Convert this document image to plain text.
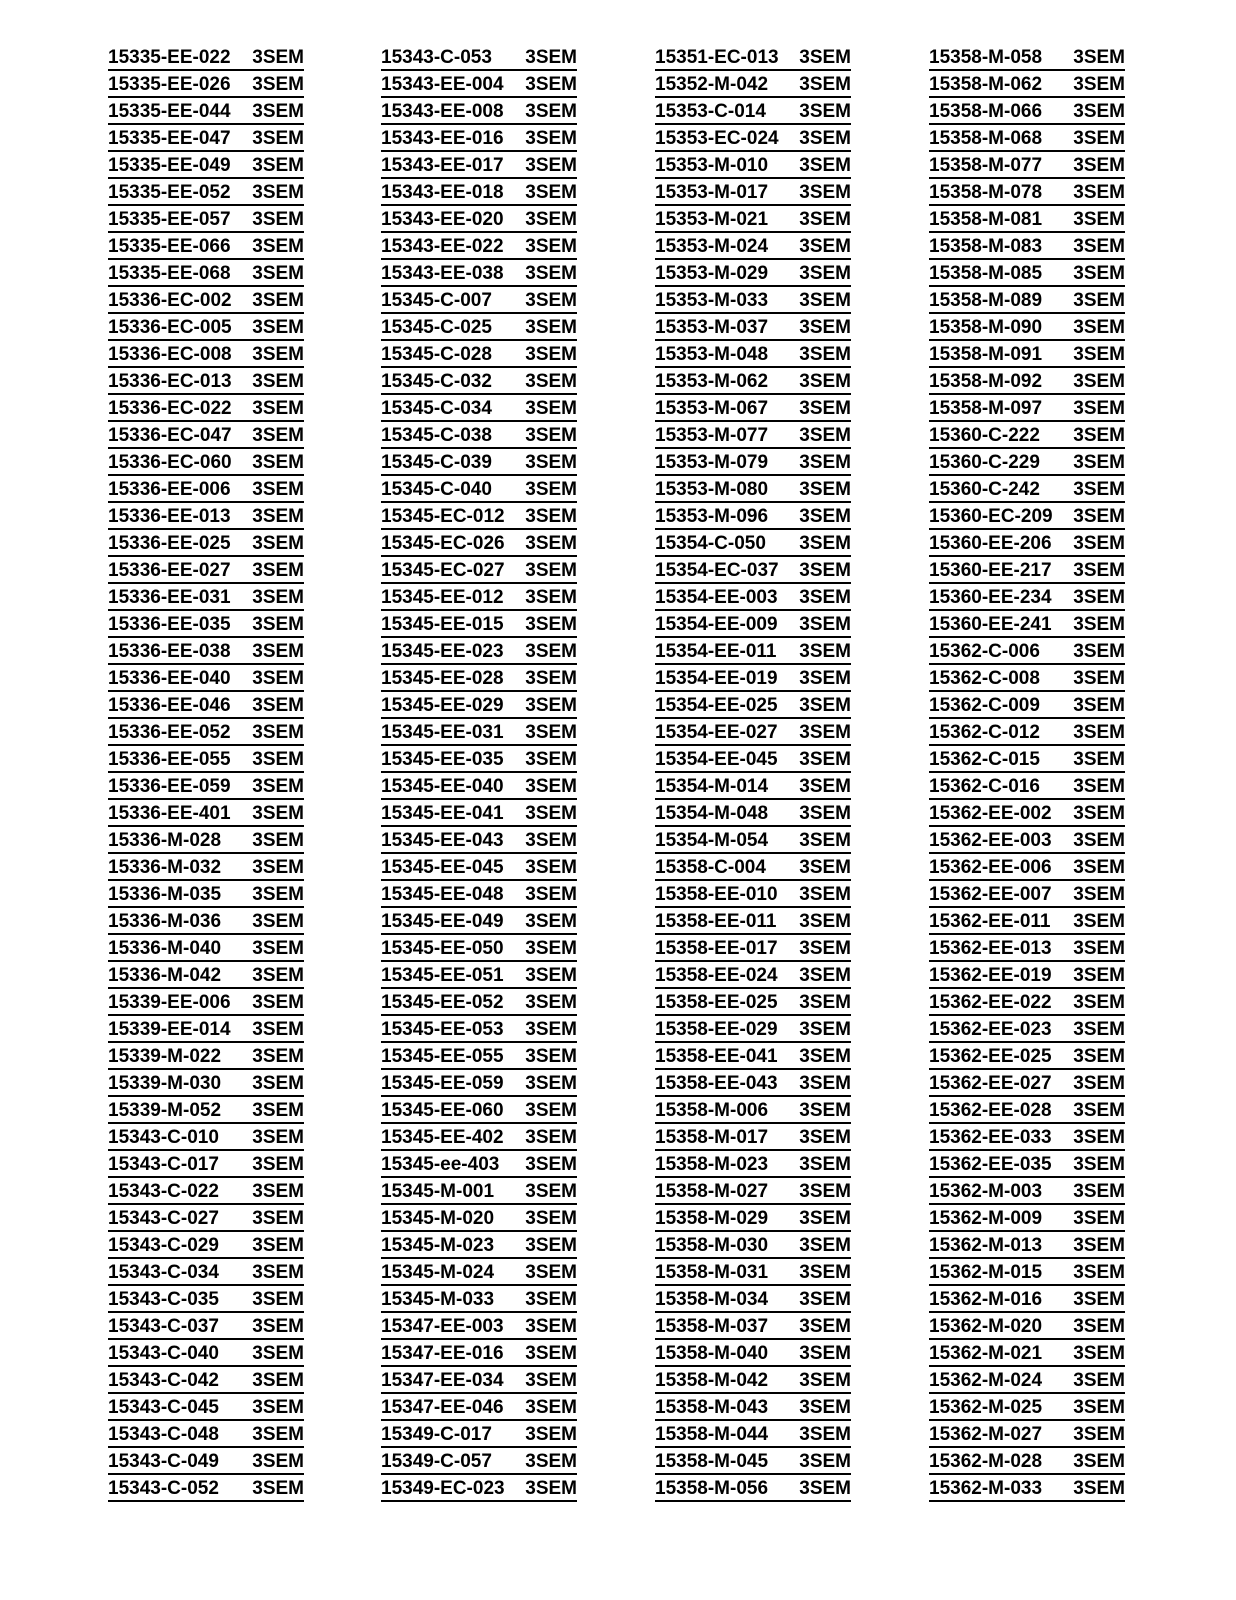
15335-EE-022 3SEM
15335-EE-026 3SEM
15335-EE-044 3SEM
15335-EE-047 3SEM
15335-EE-049 3SEM
15335-EE-052 3SEM
15335-EE-057 3SEM
15335-EE-066 3SEM
15335-EE-068 3SEM
15336-EC-002 3SEM
15336-EC-005 3SEM
15336-EC-008 3SEM
15336-EC-013 3SEM
15336-EC-022 3SEM
15336-EC-047 3SEM
15336-EC-060 3SEM
15336-EE-006 3SEM
15336-EE-013 3SEM
15336-EE-025 3SEM
15336-EE-027 3SEM
15336-EE-031 3SEM
15336-EE-035 3SEM
15336-EE-038 3SEM
15336-EE-040 3SEM
15336-EE-046 3SEM
15336-EE-052 3SEM
15336-EE-055 3SEM
15336-EE-059 3SEM
15336-EE-401 3SEM
15336-M-028 3SEM
15336-M-032 3SEM
15336-M-035 3SEM
15336-M-036 3SEM
15336-M-040 3SEM
15336-M-042 3SEM
15339-EE-006 3SEM
15339-EE-014 3SEM
15339-M-022 3SEM
15339-M-030 3SEM
15339-M-052 3SEM
15343-C-010 3SEM
15343-C-017 3SEM
15343-C-022 3SEM
15343-C-027 3SEM
15343-C-029 3SEM
15343-C-034 3SEM
15343-C-035 3SEM
15343-C-037 3SEM
15343-C-040 3SEM
15343-C-042 3SEM
15343-C-045 3SEM
15343-C-048 3SEM
15343-C-049 3SEM
15343-C-052 3SEM
15343-C-053 3SEM
15343-EE-004 3SEM
15343-EE-008 3SEM
15343-EE-016 3SEM
15343-EE-017 3SEM
15343-EE-018 3SEM
15343-EE-020 3SEM
15343-EE-022 3SEM
15343-EE-038 3SEM
15345-C-007 3SEM
15345-C-025 3SEM
15345-C-028 3SEM
15345-C-032 3SEM
15345-C-034 3SEM
15345-C-038 3SEM
15345-C-039 3SEM
15345-C-040 3SEM
15345-EC-012 3SEM
15345-EC-026 3SEM
15345-EC-027 3SEM
15345-EE-012 3SEM
15345-EE-015 3SEM
15345-EE-023 3SEM
15345-EE-028 3SEM
15345-EE-029 3SEM
15345-EE-031 3SEM
15345-EE-035 3SEM
15345-EE-040 3SEM
15345-EE-041 3SEM
15345-EE-043 3SEM
15345-EE-045 3SEM
15345-EE-048 3SEM
15345-EE-049 3SEM
15345-EE-050 3SEM
15345-EE-051 3SEM
15345-EE-052 3SEM
15345-EE-053 3SEM
15345-EE-055 3SEM
15345-EE-059 3SEM
15345-EE-060 3SEM
15345-EE-402 3SEM
15345-ee-403 3SEM
15345-M-001 3SEM
15345-M-020 3SEM
15345-M-023 3SEM
15345-M-024 3SEM
15345-M-033 3SEM
15347-EE-003 3SEM
15347-EE-016 3SEM
15347-EE-034 3SEM
15347-EE-046 3SEM
15349-C-017 3SEM
15349-C-057 3SEM
15349-EC-023 3SEM
15351-EC-013 3SEM
15352-M-042 3SEM
15353-C-014 3SEM
15353-EC-024 3SEM
15353-M-010 3SEM
15353-M-017 3SEM
15353-M-021 3SEM
15353-M-024 3SEM
15353-M-029 3SEM
15353-M-033 3SEM
15353-M-037 3SEM
15353-M-048 3SEM
15353-M-062 3SEM
15353-M-067 3SEM
15353-M-077 3SEM
15353-M-079 3SEM
15353-M-080 3SEM
15353-M-096 3SEM
15354-C-050 3SEM
15354-EC-037 3SEM
15354-EE-003 3SEM
15354-EE-009 3SEM
15354-EE-011 3SEM
15354-EE-019 3SEM
15354-EE-025 3SEM
15354-EE-027 3SEM
15354-EE-045 3SEM
15354-M-014 3SEM
15354-M-048 3SEM
15354-M-054 3SEM
15358-C-004 3SEM
15358-EE-010 3SEM
15358-EE-011 3SEM
15358-EE-017 3SEM
15358-EE-024 3SEM
15358-EE-025 3SEM
15358-EE-029 3SEM
15358-EE-041 3SEM
15358-EE-043 3SEM
15358-M-006 3SEM
15358-M-017 3SEM
15358-M-023 3SEM
15358-M-027 3SEM
15358-M-029 3SEM
15358-M-030 3SEM
15358-M-031 3SEM
15358-M-034 3SEM
15358-M-037 3SEM
15358-M-040 3SEM
15358-M-042 3SEM
15358-M-043 3SEM
15358-M-044 3SEM
15358-M-045 3SEM
15358-M-056 3SEM
15358-M-058 3SEM
15358-M-062 3SEM
15358-M-066 3SEM
15358-M-068 3SEM
15358-M-077 3SEM
15358-M-078 3SEM
15358-M-081 3SEM
15358-M-083 3SEM
15358-M-085 3SEM
15358-M-089 3SEM
15358-M-090 3SEM
15358-M-091 3SEM
15358-M-092 3SEM
15358-M-097 3SEM
15360-C-222 3SEM
15360-C-229 3SEM
15360-C-242 3SEM
15360-EC-209 3SEM
15360-EE-206 3SEM
15360-EE-217 3SEM
15360-EE-234 3SEM
15360-EE-241 3SEM
15362-C-006 3SEM
15362-C-008 3SEM
15362-C-009 3SEM
15362-C-012 3SEM
15362-C-015 3SEM
15362-C-016 3SEM
15362-EE-002 3SEM
15362-EE-003 3SEM
15362-EE-006 3SEM
15362-EE-007 3SEM
15362-EE-011 3SEM
15362-EE-013 3SEM
15362-EE-019 3SEM
15362-EE-022 3SEM
15362-EE-023 3SEM
15362-EE-025 3SEM
15362-EE-027 3SEM
15362-EE-028 3SEM
15362-EE-033 3SEM
15362-EE-035 3SEM
15362-M-003 3SEM
15362-M-009 3SEM
15362-M-013 3SEM
15362-M-015 3SEM
15362-M-016 3SEM
15362-M-020 3SEM
15362-M-021 3SEM
15362-M-024 3SEM
15362-M-025 3SEM
15362-M-027 3SEM
15362-M-028 3SEM
15362-M-033 3SEM
